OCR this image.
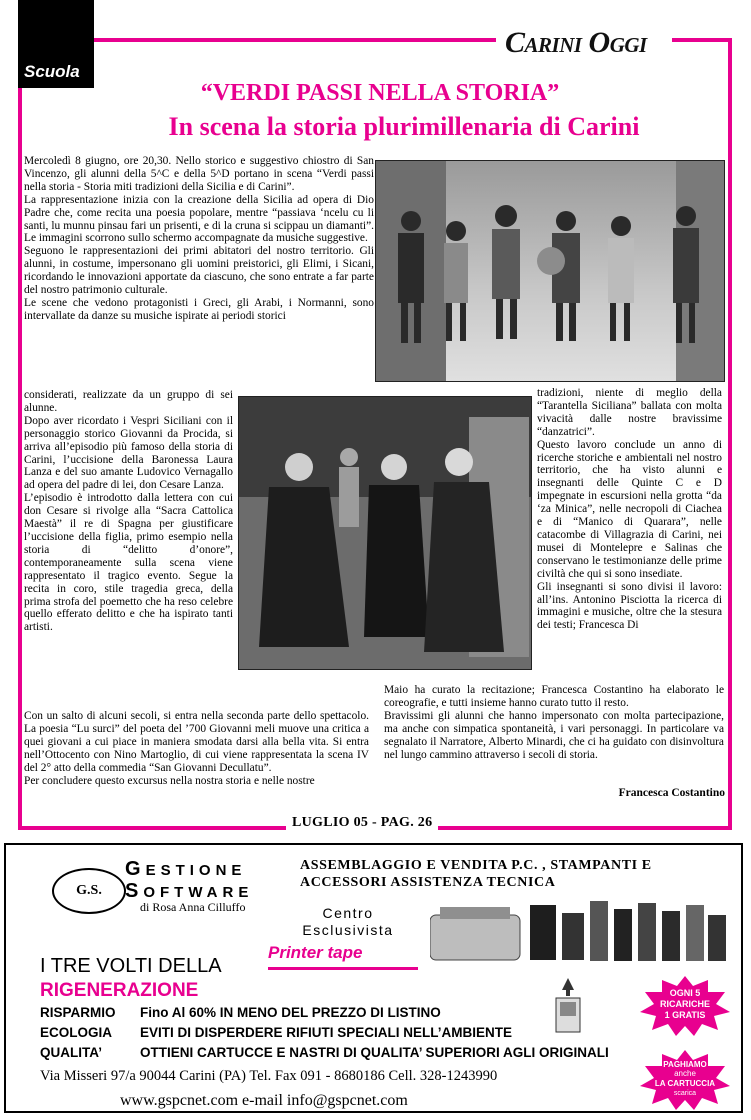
Scuola
Carini Oggi
“VERDI PASSI NELLA STORIA”
In scena la storia plurimillenaria di Carini

Mercoledì 8 giugno, ore 20,30. Nello storico e suggestivo chiostro di San Vincenzo, gli alunni della 5^C e della 5^D portano in scena “Verdi passi nella storia - Storia miti tradizioni della Sicilia e di Carini”.

La rappresentazione inizia con la creazione della Sicilia ad opera di Dio Padre che, come recita una poesia popolare, mentre “passiava ‘ncelu cu li santi, lu munnu pinsau fari un prisenti, e di la cruna si scippau un diamanti”. Le immagini scorrono sullo schermo accompagnate da musiche suggestive.

Seguono le rappresentazioni dei primi abitatori del nostro territorio. Gli alunni, in costume, impersonano gli uomini preistorici, gli Elimi, i Sicani, ricordando le innovazioni apportate da ciascuno, che sono entrate a far parte del nostro patrimonio culturale.

Le scene che vedono protagonisti i Greci, gli Arabi, i Normanni, sono intervallate da danze su musiche ispirate ai periodi storici

considerati, realizzate da un gruppo di sei alunne.

Dopo aver ricordato i Vespri Siciliani con il personaggio storico Giovanni da Procida, si arriva all’episodio più famoso della storia di Carini, l’uccisione della Baronessa Laura Lanza e del suo amante Ludovico Vernagallo ad opera del padre di lei, don Cesare Lanza.

L’episodio è introdotto dalla lettera con cui don Cesare si rivolge alla “Sacra Cattolica Maestà” il re di Spagna per giustificare l’uccisione della figlia, primo esempio nella storia di “delitto d’onore”, contemporaneamente sulla scena viene rappresentato il tragico evento. Segue la recita in coro, stile tragedia greca, della prima strofa del poemetto che ha reso celebre quello efferato delitto e che ha ispirato tanti artisti.

Con un salto di alcuni secoli, si entra nella seconda parte dello spettacolo. La poesia “Lu surci” del poeta del ’700 Giovanni meli muove una critica a quei giovani a cui piace in maniera smodata darsi alla bella vita. Si entra nell’Ottocento con Nino Martoglio, di cui viene rappresentata la scena IV del 2° atto della commedia “San Giovanni Decullatu”.

Per concludere questo excursus nella nostra storia e nelle nostre

tradizioni, niente di meglio della “Tarantella Siciliana” ballata con molta vivacità dalle nostre bravissime “danzatrici”.

Questo lavoro conclude un anno di ricerche storiche e ambientali nel nostro territorio, che ha visto alunni e insegnanti delle Quinte C e D impegnate in escursioni nella grotta “da ‘za Minica”, nelle necropoli di Ciachea e di “Manico di Quarara”, nelle catacombe di Villagrazia di Carini, nei musei di Montelepre e Salinas che conservano le testimonianze delle prime civiltà che qui si sono insediate.

Gli insegnanti si sono divisi il lavoro: all’ins. Antonino Pisciotta la ricerca di immagini e musiche, oltre che la stesura dei testi; Francesca Di

Maio ha curato la recitazione; Francesca Costantino ha elaborato le coreografie, e tutti insieme hanno curato tutto il resto.

Bravissimi gli alunni che hanno impersonato con molta partecipazione, ma anche con simpatica spontaneità, i vari personaggi. In particolare va segnalato il Narratore, Alberto Minardi, che ci ha guidato con disinvoltura nel lungo cammino attraverso i secoli di storia.

Francesca Costantino
LUGLIO 05 - PAG. 26
G.S.
GESTIONE
SOFTWARE
di Rosa Anna Cilluffo
ASSEMBLAGGIO E VENDITA P.C. , STAMPANTI E ACCESSORI ASSISTENZA TECNICA
Centro
Esclusivista
Printer tape
I TRE VOLTI DELLA
RIGENERAZIONE
RISPARMIO	Fino Al 60% IN MENO DEL PREZZO DI LISTINO
ECOLOGIA	EVITI DI DISPERDERE RIFIUTI SPECIALI NELL’AMBIENTE
QUALITA’	OTTIENI CARTUCCE E NASTRI DI QUALITA’ SUPERIORI AGLI ORIGINALI
OGNI 5
RICARICHE
1 GRATIS
PAGHIAMO
anche
LA CARTUCCIA
scarica
Via Misseri 97/a 90044 Carini (PA) Tel. Fax 091 - 8680186 Cell. 328-1243990
www.gspcnet.com e-mail info@gspcnet.com
